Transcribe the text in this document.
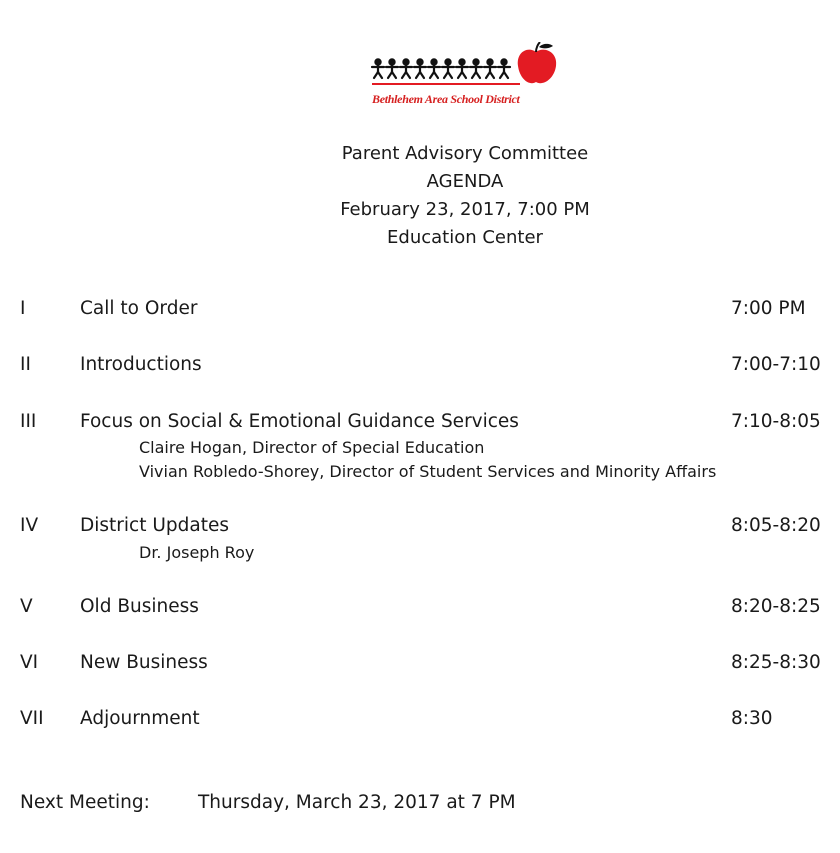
Bethlehem Area School District
Parent Advisory Committee
AGENDA
February 23, 2017, 7:00 PM
Education Center
I	Call to Order	7:00 PM
II	Introductions	7:00-7:10
III Focus on Social & Emotional Guidance Services	7:10-8:05
Claire Hogan, Director of Special Education
Vivian Robledo-Shorey, Director of Student Services and Minority Affairs
IV District Updates	8:05-8:20
Dr. Joseph Roy
V	Old Business	8:20-8:25
VI New Business	8:25-8:30
VII Adjournment	8:30
Next Meeting:	Thursday, March 23, 2017 at 7 PM
